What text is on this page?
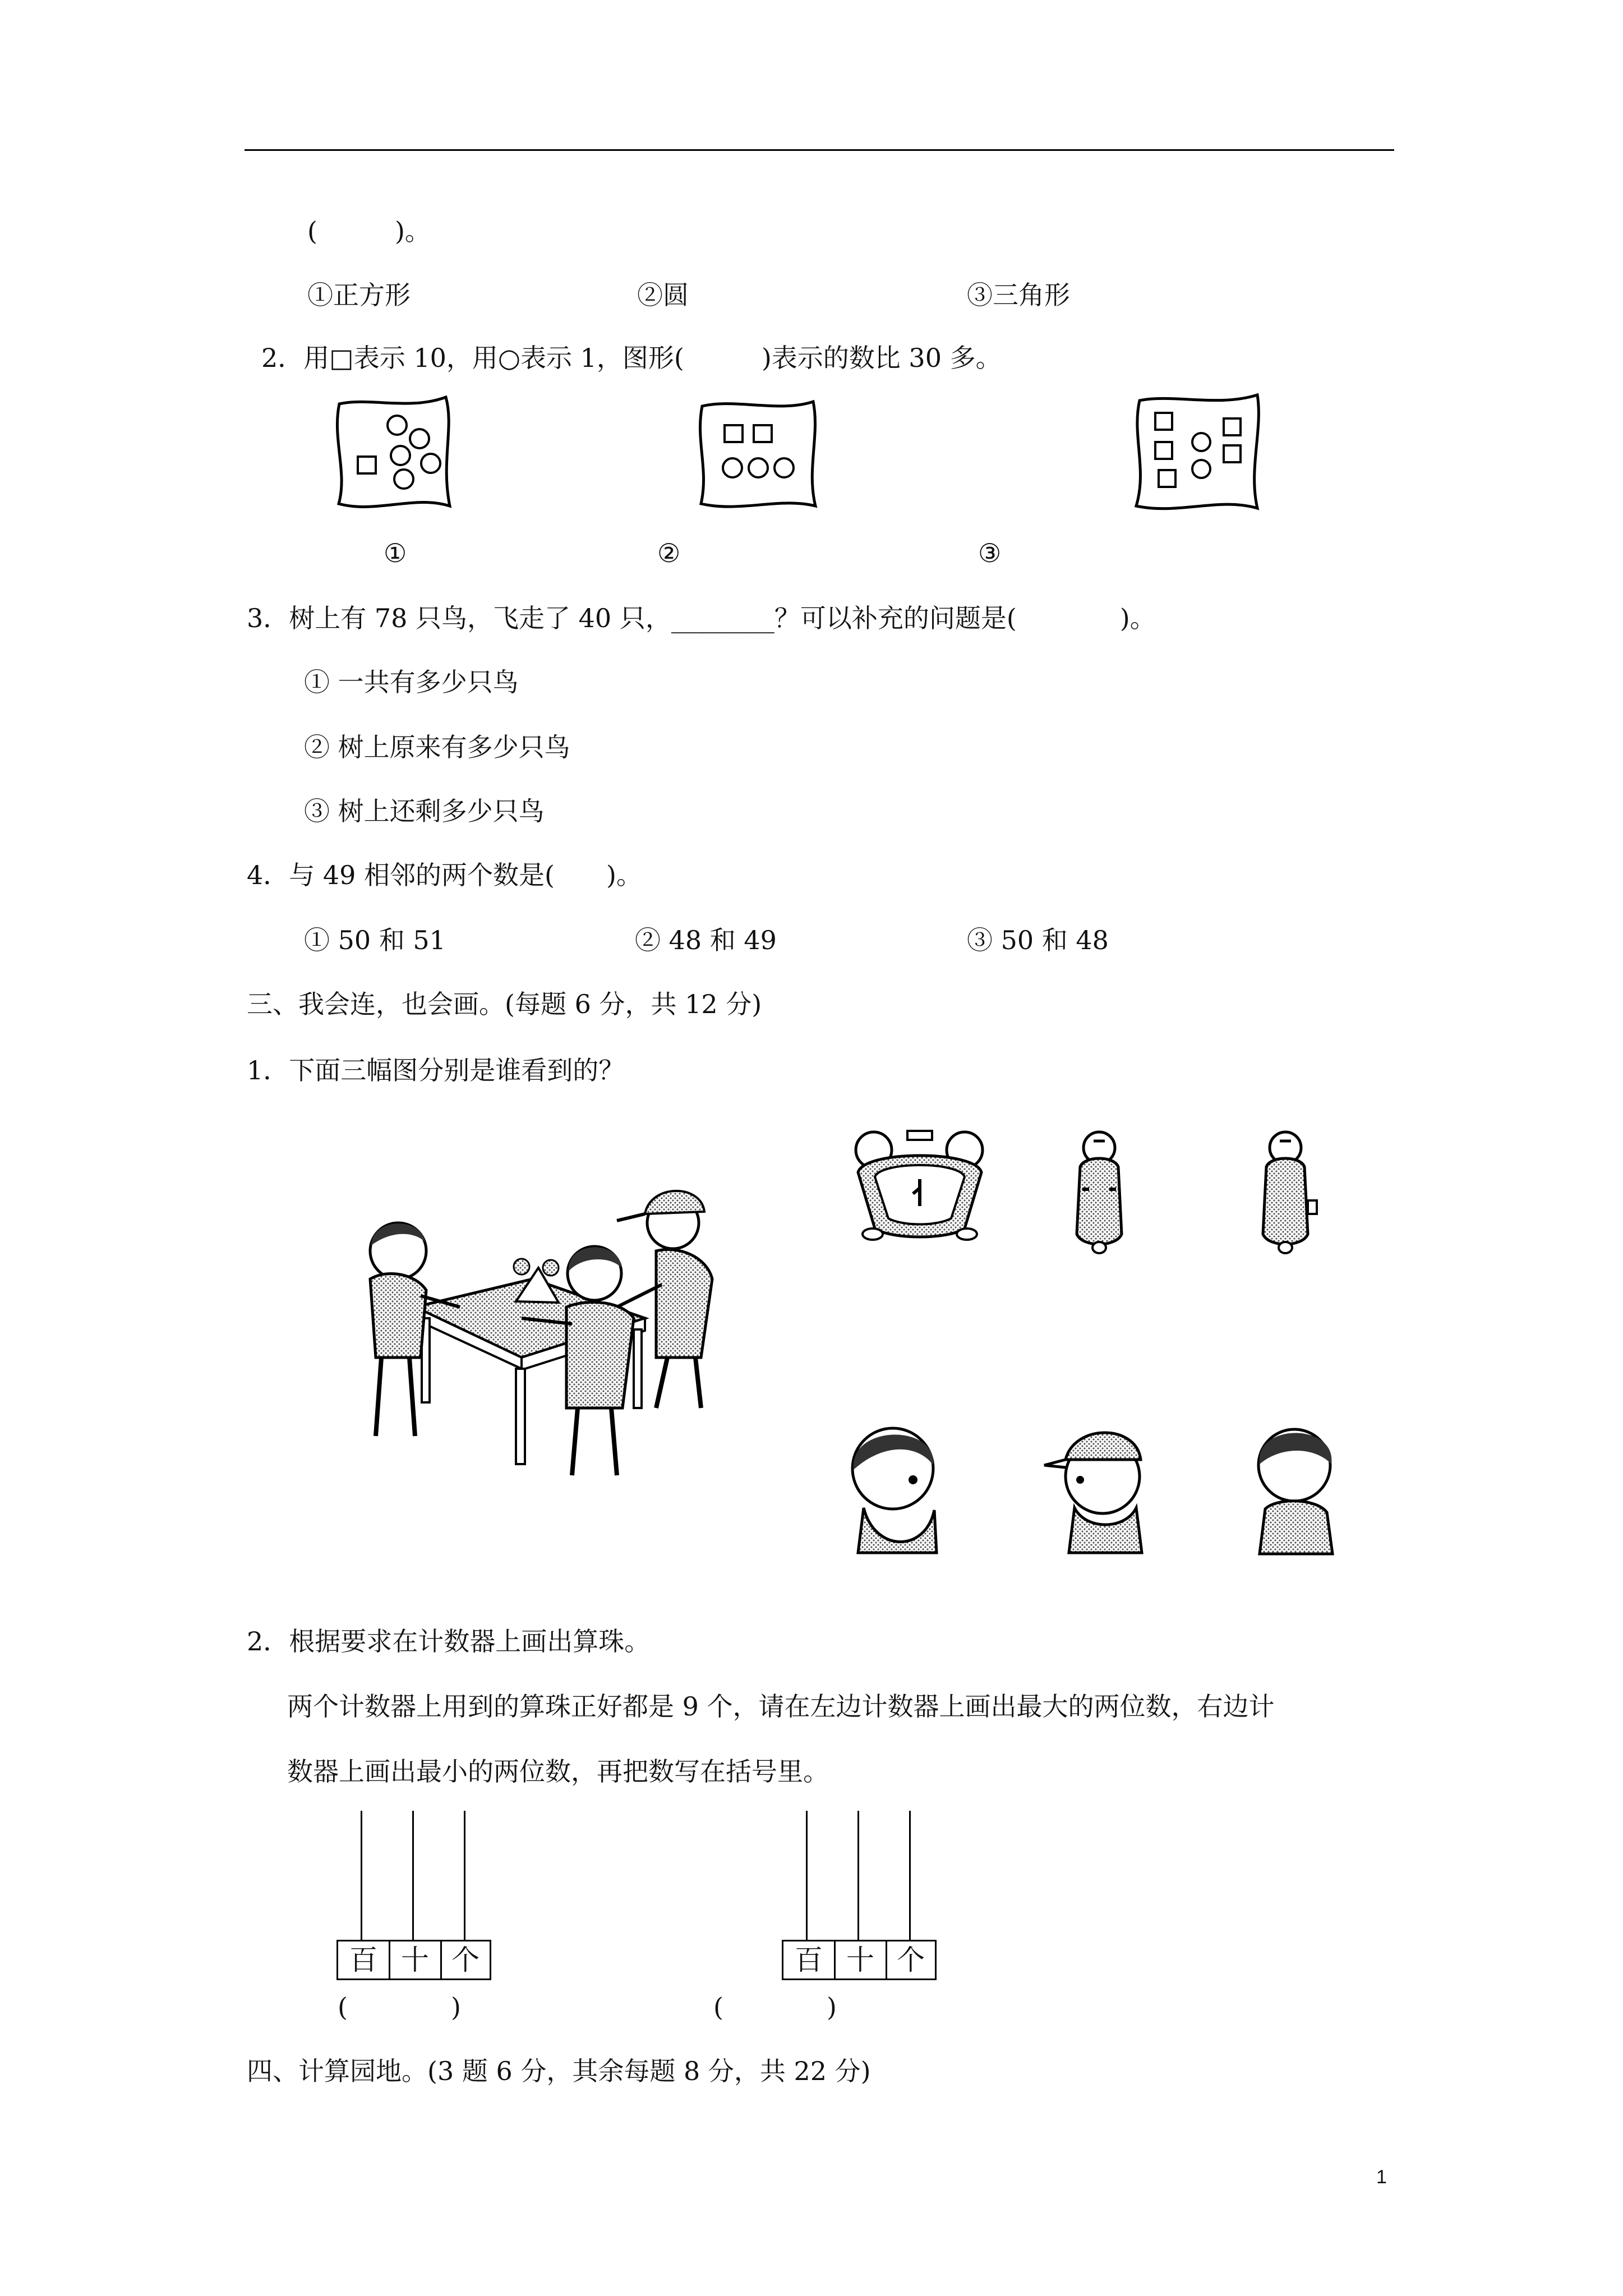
(　　　)。
①正方形	②圆	③三角形
2．用□表示 10，用○表示 1，图形(　　　)表示的数比 30 多。
①	②	③
3．树上有 78 只鸟，飞走了 40 只，________？可以补充的问题是(　　　　)。
① 一共有多少只鸟
② 树上原来有多少只鸟
③ 树上还剩多少只鸟
4．与 49 相邻的两个数是(　　)。
① 50 和 51	② 48 和 49	③ 50 和 48
三、我会连，也会画。(每题 6 分，共 12 分)
1．下面三幅图分别是谁看到的？
2．根据要求在计数器上画出算珠。
两个计数器上用到的算珠正好都是 9 个，请在左边计数器上画出最大的两位数，右边计
数器上画出最小的两位数，再把数写在括号里。
百 十 个
(　　　　)
百 十 个
(　　　　)
四、计算园地。(3 题 6 分，其余每题 8 分，共 22 分)
1
